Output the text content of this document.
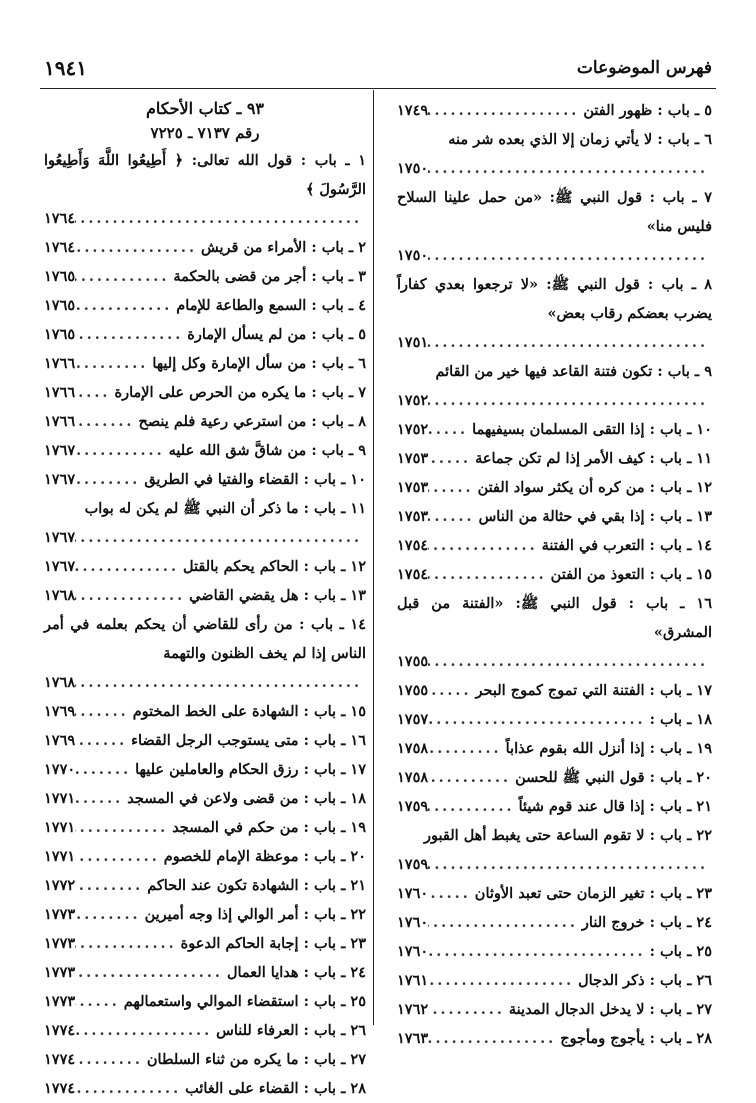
فهرس الموضوعات
١٩٤١
٥ ـ باب : ظهور الفتن
.....
١٧٤٩
٦ ـ باب : لا يأتي زمان إلا الذي بعده شر منه
.....
١٧٥٠
٧ ـ باب : قول النبي ﷺ: «من حمل علينا السلاح فليس منا»
.....
١٧٥٠
٨ ـ باب : قول النبي ﷺ: «لا ترجعوا بعدي كفاراً يضرب بعضكم رقاب بعض»
.....
١٧٥١
٩ ـ باب : تكون فتنة القاعد فيها خير من القائم
.....
١٧٥٢
١٠ ـ باب : إذا التقى المسلمان بسيفيهما
.....
١٧٥٢
١١ ـ باب : كيف الأمر إذا لم تكن جماعة
.....
١٧٥٣
١٢ ـ باب : من كره أن يكثر سواد الفتن
.....
١٧٥٣
١٣ ـ باب : إذا بقي في حثالة من الناس
.....
١٧٥٣
١٤ ـ باب : التعرب في الفتنة
.....
١٧٥٤
١٥ ـ باب : التعوذ من الفتن
.....
١٧٥٤
١٦ ـ باب : قول النبي ﷺ: «الفتنة من قبل المشرق»
.....
١٧٥٥
١٧ ـ باب : الفتنة التي تموج كموج البحر
.....
١٧٥٥
١٨ ـ باب :
.....
١٧٥٧
١٩ ـ باب : إذا أنزل الله بقوم عذاباً
.....
١٧٥٨
٢٠ ـ باب : قول النبي ﷺ للحسن
.....
١٧٥٨
٢١ ـ باب : إذا قال عند قوم شيئاً
.....
١٧٥٩
٢٢ ـ باب : لا تقوم الساعة حتى يغبط أهل القبور
.....
١٧٥٩
٢٣ ـ باب : تغير الزمان حتى تعبد الأوثان
.....
١٧٦٠
٢٤ ـ باب : خروج النار
.....
١٧٦٠
٢٥ ـ باب :
.....
١٧٦٠
٢٦ ـ باب : ذكر الدجال
.....
١٧٦١
٢٧ ـ باب : لا يدخل الدجال المدينة
.....
١٧٦٢
٢٨ ـ باب : يأجوج ومأجوج
.....
١٧٦٣
٩٣ ـ كتاب الأحكام
رقم ٧١٣٧ ـ ٧٢٢٥
١ ـ باب : قول الله تعالى: ﴿ أَطِيعُوا اللَّهَ وَأَطِيعُوا الرَّسُولَ ﴾
.....
١٧٦٤
٢ ـ باب : الأمراء من قريش
.....
١٧٦٤
٣ ـ باب : أجر من قضى بالحكمة
.....
١٧٦٥
٤ ـ باب : السمع والطاعة للإمام
.....
١٧٦٥
٥ ـ باب : من لم يسأل الإمارة
.....
١٧٦٥
٦ ـ باب : من سأل الإمارة وكل إليها
.....
١٧٦٦
٧ ـ باب : ما يكره من الحرص على الإمارة
.....
١٧٦٦
٨ ـ باب : من استرعي رعية فلم ينصح
.....
١٧٦٦
٩ ـ باب : من شاقَّ شق الله عليه
.....
١٧٦٧
١٠ ـ باب : القضاء والفتيا في الطريق
.....
١٧٦٧
١١ ـ باب : ما ذكر أن النبي ﷺ لم يكن له بواب
.....
١٧٦٧
١٢ ـ باب : الحاكم يحكم بالقتل
.....
١٧٦٧
١٣ ـ باب : هل يقضي القاضي
.....
١٧٦٨
١٤ ـ باب : من رأى للقاضي أن يحكم بعلمه في أمر الناس إذا لم يخف الظنون والتهمة
.....
١٧٦٨
١٥ ـ باب : الشهادة على الخط المختوم
.....
١٧٦٩
١٦ ـ باب : متى يستوجب الرجل القضاء
.....
١٧٦٩
١٧ ـ باب : رزق الحكام والعاملين عليها
.....
١٧٧٠
١٨ ـ باب : من قضى ولاعن في المسجد
.....
١٧٧١
١٩ ـ باب : من حكم في المسجد
.....
١٧٧١
٢٠ ـ باب : موعظة الإمام للخصوم
.....
١٧٧١
٢١ ـ باب : الشهادة تكون عند الحاكم
.....
١٧٧٢
٢٢ ـ باب : أمر الوالي إذا وجه أميرين
.....
١٧٧٣
٢٣ ـ باب : إجابة الحاكم الدعوة
.....
١٧٧٣
٢٤ ـ باب : هدايا العمال
.....
١٧٧٣
٢٥ ـ باب : استقضاء الموالي واستعمالهم
.....
١٧٧٣
٢٦ ـ باب : العرفاء للناس
.....
١٧٧٤
٢٧ ـ باب : ما يكره من ثناء السلطان
.....
١٧٧٤
٢٨ ـ باب : القضاء على الغائب
.....
١٧٧٤
